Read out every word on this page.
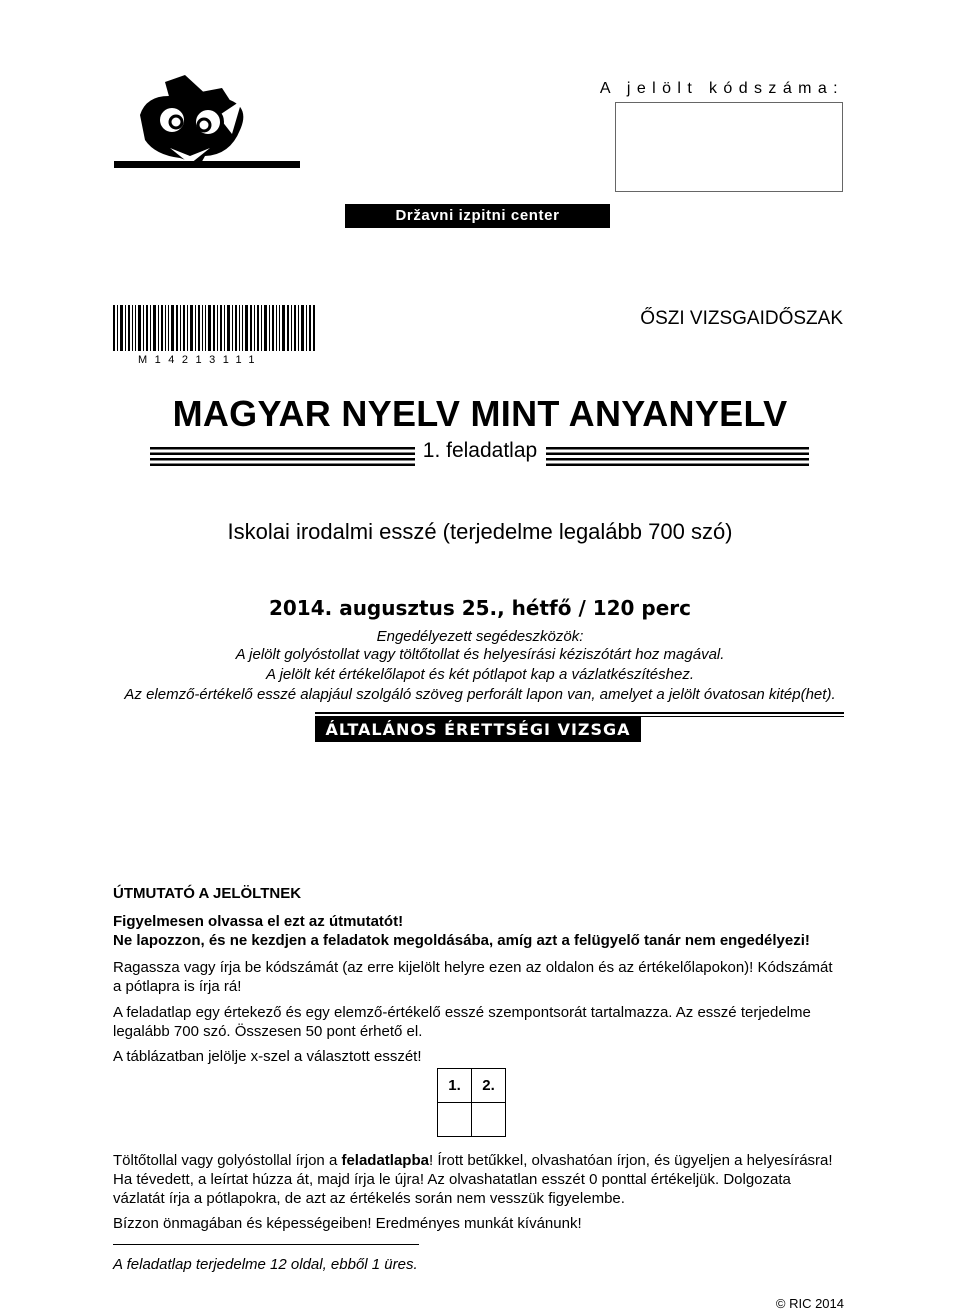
A jelölt kódszáma:
Državni izpitni center
M14213111
ŐSZI VIZSGAIDŐSZAK
MAGYAR NYELV MINT ANYANYELV
1. feladatlap
Iskolai irodalmi esszé (terjedelme legalább 700 szó)
2014. augusztus 25., hétfő / 120 perc
Engedélyezett segédeszközök:
A jelölt golyóstollat vagy töltőtollat és helyesírási kéziszótárt hoz magával.
A jelölt két értékelőlapot és két pótlapot kap a vázlatkészítéshez.
Az elemző-értékelő esszé alapjául szolgáló szöveg perforált lapon van, amelyet a jelölt óvatosan kitép(het).
ÁLTALÁNOS ÉRETTSÉGI VIZSGA
ÚTMUTATÓ A JELÖLTNEK
Figyelmesen olvassa el ezt az útmutatót!
Ne lapozzon, és ne kezdjen a feladatok megoldásába, amíg azt a felügyelő tanár nem engedélyezi!
Ragassza vagy írja be kódszámát (az erre kijelölt helyre ezen az oldalon és az értékelőlapokon)! Kódszámát a pótlapra is írja rá!
A feladatlap egy értekező és egy elemző-értékelő esszé szempontsorát tartalmazza. Az esszé terjedelme legalább 700 szó. Összesen 50 pont érhető el.
A táblázatban jelölje x-szel a választott esszét!
1.	2.

Töltőtollal vagy golyóstollal írjon a feladatlapba! Írott betűkkel, olvashatóan írjon, és ügyeljen a helyesírásra! Ha tévedett, a leírtat húzza át, majd írja le újra! Az olvashatatlan esszét 0 ponttal értékeljük. Dolgozata vázlatát írja a pótlapokra, de azt az értékelés során nem vesszük figyelembe.
Bízzon önmagában és képességeiben! Eredményes munkát kívánunk!
A feladatlap terjedelme 12 oldal, ebből 1 üres.
© RIC 2014
